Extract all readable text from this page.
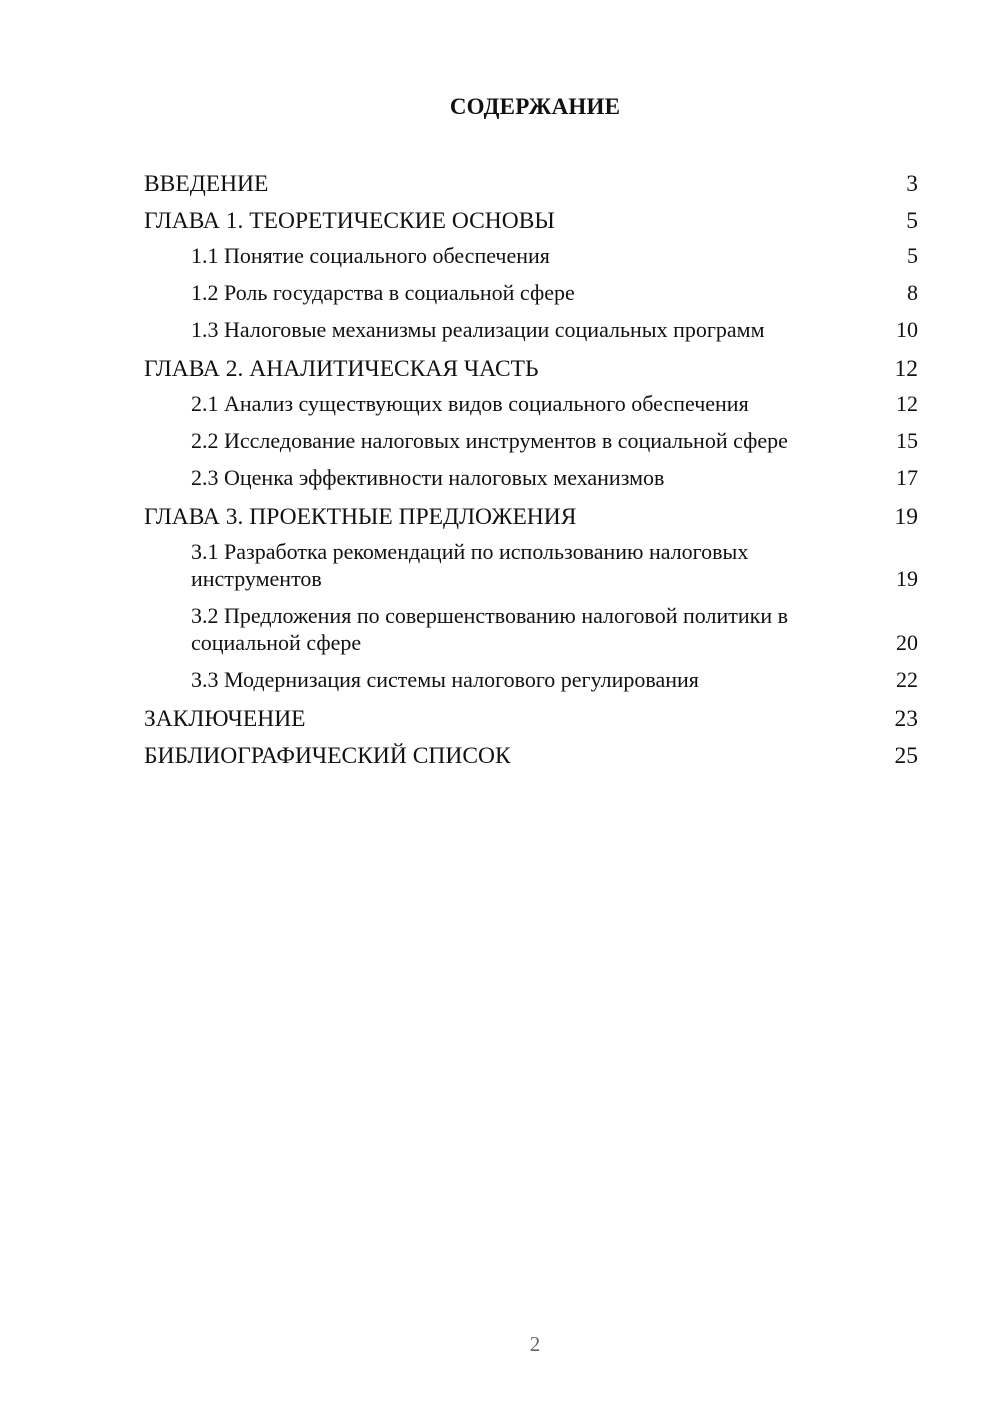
СОДЕРЖАНИЕ
ВВЕДЕНИЕ	3
ГЛАВА 1. ТЕОРЕТИЧЕСКИЕ ОСНОВЫ	5
1.1 Понятие социального обеспечения	5
1.2 Роль государства в социальной сфере	8
1.3 Налоговые механизмы реализации социальных программ	10
ГЛАВА 2. АНАЛИТИЧЕСКАЯ ЧАСТЬ	12
2.1 Анализ существующих видов социального обеспечения	12
2.2 Исследование налоговых инструментов в социальной сфере	15
2.3 Оценка эффективности налоговых механизмов	17
ГЛАВА 3. ПРОЕКТНЫЕ ПРЕДЛОЖЕНИЯ	19
3.1 Разработка рекомендаций по использованию налоговых инструментов	19
3.2 Предложения по совершенствованию налоговой политики в социальной сфере	20
3.3 Модернизация системы налогового регулирования	22
ЗАКЛЮЧЕНИЕ	23
БИБЛИОГРАФИЧЕСКИЙ СПИСОК	25
2
